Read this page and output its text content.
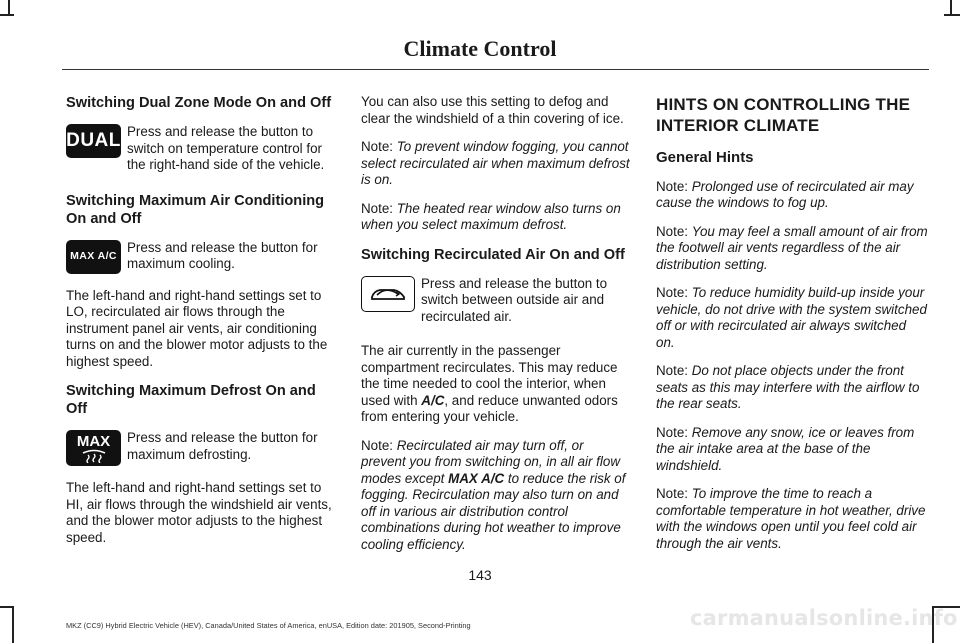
Climate Control
Switching Dual Zone Mode On and Off
DUAL Press and release the button to switch on temperature control for the right-hand side of the vehicle.
Switching Maximum Air Conditioning On and Off
MAX A/C
Press and release the button for maximum cooling.

The left-hand and right-hand settings set to LO, recirculated air flows through the instrument panel air vents, air conditioning turns on and the blower motor adjusts to the highest speed.

Switching Maximum Defrost On and Off
MAX Press and release the button for maximum defrosting.

The left-hand and right-hand settings set to HI, air flows through the windshield air vents, and the blower motor adjusts to the highest speed.

You can also use this setting to defog and clear the windshield of a thin covering of ice.

Note: To prevent window fogging, you cannot select recirculated air when maximum defrost is on.

Note: The heated rear window also turns on when you select maximum defrost.

Switching Recirculated Air On and Off
Press and release the button to switch between outside air and recirculated air.

The air currently in the passenger compartment recirculates. This may reduce the time needed to cool the interior, when used with A/C, and reduce unwanted odors from entering your vehicle.

Note: Recirculated air may turn off, or prevent you from switching on, in all air flow modes except MAX A/C to reduce the risk of fogging. Recirculation may also turn on and off in various air distribution control combinations during hot weather to improve cooling efficiency.

HINTS ON CONTROLLING THE INTERIOR CLIMATE
General Hints

Note: Prolonged use of recirculated air may cause the windows to fog up.

Note: You may feel a small amount of air from the footwell air vents regardless of the air distribution setting.

Note: To reduce humidity build-up inside your vehicle, do not drive with the system switched off or with recirculated air always switched on.

Note: Do not place objects under the front seats as this may interfere with the airflow to the rear seats.

Note: Remove any snow, ice or leaves from the air intake area at the base of the windshield.

Note: To improve the time to reach a comfortable temperature in hot weather, drive with the windows open until you feel cold air through the air vents.

143
MKZ (CC9) Hybrid Electric Vehicle (HEV), Canada/United States of America, enUSA, Edition date: 201905, Second-Printing	carmanualsonline.info
